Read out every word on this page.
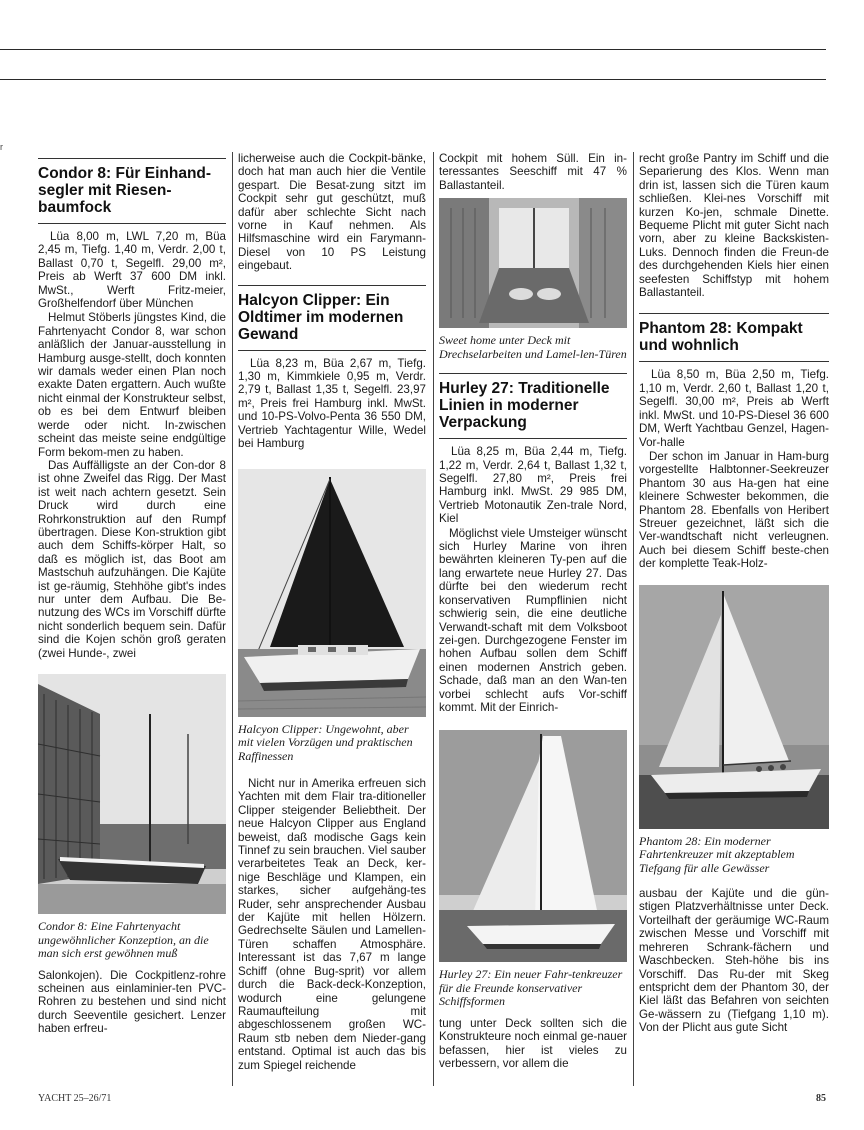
r
Condor 8: Für Einhand-segler mit Riesen-baumfock

Lüa 8,00 m, LWL 7,20 m, Büa 2,45 m, Tiefg. 1,40 m, Verdr. 2,00 t, Ballast 0,70 t, Segelfl. 29,00 m², Preis ab Werft 37 600 DM inkl. MwSt., Werft Fritz-meier, Großhelfendorf über München

Helmut Stöberls jüngstes Kind, die Fahrtenyacht Condor 8, war schon anläßlich der Januar-ausstellung in Hamburg ausge-stellt, doch konnten wir damals weder einen Plan noch exakte Daten ergattern. Auch wußte nicht einmal der Konstrukteur selbst, ob es bei dem Entwurf bleiben werde oder nicht. In-zwischen scheint das meiste seine endgültige Form bekom-men zu haben.

Das Auffälligste an der Con-dor 8 ist ohne Zweifel das Rigg. Der Mast ist weit nach achtern gesetzt. Sein Druck wird durch eine Rohrkonstruktion auf den Rumpf übertragen. Diese Kon-struktion gibt auch dem Schiffs-körper Halt, so daß es möglich ist, das Boot am Mastschuh aufzuhängen. Die Kajüte ist ge-räumig, Stehhöhe gibt's indes nur unter dem Aufbau. Die Be-nutzung des WCs im Vorschiff dürfte nicht sonderlich bequem sein. Dafür sind die Kojen schön groß geraten (zwei Hunde-, zwei

Condor 8: Eine Fahrtenyacht ungewöhnlicher Konzeption, an die man sich erst gewöhnen muß

Salonkojen). Die Cockpitlenz-rohre scheinen aus einlaminier-ten PVC-Rohren zu bestehen und sind nicht durch Seeventile gesichert. Lenzer haben erfreu-

licherweise auch die Cockpit-bänke, doch hat man auch hier die Ventile gespart. Die Besat-zung sitzt im Cockpit sehr gut geschützt, muß dafür aber schlechte Sicht nach vorne in Kauf nehmen. Als Hilfsmaschine wird ein Farymann-Diesel von 10 PS Leistung eingebaut.

Halcyon Clipper: Ein Oldtimer im modernen Gewand

Lüa 8,23 m, Büa 2,67 m, Tiefg. 1,30 m, Kimmkiele 0,95 m, Verdr. 2,79 t, Ballast 1,35 t, Segelfl. 23,97 m², Preis frei Hamburg inkl. MwSt. und 10-PS-Volvo-Penta 36 550 DM, Vertrieb Yachtagentur Wille, Wedel bei Hamburg

Halcyon Clipper: Ungewohnt, aber mit vielen Vorzügen und praktischen Raffinessen

Nicht nur in Amerika erfreuen sich Yachten mit dem Flair tra-ditioneller Clipper steigender Beliebtheit. Der neue Halcyon Clipper aus England beweist, daß modische Gags kein Tinnef zu sein brauchen. Viel sauber verarbeitetes Teak an Deck, ker-nige Beschläge und Klampen, ein starkes, sicher aufgehäng-tes Ruder, sehr ansprechender Ausbau der Kajüte mit hellen Hölzern. Gedrechselte Säulen und Lamellen-Türen schaffen Atmosphäre. Interessant ist das 7,67 m lange Schiff (ohne Bug-sprit) vor allem durch die Back-deck-Konzeption, wodurch eine gelungene Raumaufteilung mit abgeschlossenem großen WC-Raum stb neben dem Nieder-gang entstand. Optimal ist auch das bis zum Spiegel reichende

Cockpit mit hohem Süll. Ein in-teressantes Seeschiff mit 47 % Ballastanteil.

Sweet home unter Deck mit Drechselarbeiten und Lamel-len-Türen

Hurley 27: Traditionelle Linien in moderner Verpackung

Lüa 8,25 m, Büa 2,44 m, Tiefg. 1,22 m, Verdr. 2,64 t, Ballast 1,32 t, Segelfl. 27,80 m², Preis frei Hamburg inkl. MwSt. 29 985 DM, Vertrieb Motonautik Zen-trale Nord, Kiel

Möglichst viele Umsteiger wünscht sich Hurley Marine von ihren bewährten kleineren Ty-pen auf die lang erwartete neue Hurley 27. Das dürfte bei den wiederum recht konservativen Rumpflinien nicht schwierig sein, die eine deutliche Verwandt-schaft mit dem Volksboot zei-gen. Durchgezogene Fenster im hohen Aufbau sollen dem Schiff einen modernen Anstrich geben. Schade, daß man an den Wan-ten vorbei schlecht aufs Vor-schiff kommt. Mit der Einrich-

Hurley 27: Ein neuer Fahr-tenkreuzer für die Freunde konservativer Schiffsformen

tung unter Deck sollten sich die Konstrukteure noch einmal ge-nauer befassen, hier ist vieles zu verbessern, vor allem die

recht große Pantry im Schiff und die Separierung des Klos. Wenn man drin ist, lassen sich die Türen kaum schließen. Klei-nes Vorschiff mit kurzen Ko-jen, schmale Dinette. Bequeme Plicht mit guter Sicht nach vorn, aber zu kleine Backskisten-Luks. Dennoch finden die Freun-de des durchgehenden Kiels hier einen seefesten Schiffstyp mit hohem Ballastanteil.

Phantom 28: Kompakt und wohnlich

Lüa 8,50 m, Büa 2,50 m, Tiefg. 1,10 m, Verdr. 2,60 t, Ballast 1,20 t, Segelfl. 30,00 m², Preis ab Werft inkl. MwSt. und 10-PS-Diesel 36 600 DM, Werft Yachtbau Genzel, Hagen-Vor-halle

Der schon im Januar in Ham-burg vorgestellte Halbtonner-Seekreuzer Phantom 30 aus Ha-gen hat eine kleinere Schwester bekommen, die Phantom 28. Ebenfalls von Heribert Streuer gezeichnet, läßt sich die Ver-wandtschaft nicht verleugnen. Auch bei diesem Schiff beste-chen der komplette Teak-Holz-

Phantom 28: Ein moderner Fahrtenkreuzer mit akzeptablem Tiefgang für alle Gewässer

ausbau der Kajüte und die gün-stigen Platzverhältnisse unter Deck. Vorteilhaft der geräumige WC-Raum zwischen Messe und Vorschiff mit mehreren Schrank-fächern und Waschbecken. Steh-höhe bis ins Vorschiff. Das Ru-der mit Skeg entspricht dem der Phantom 30, der Kiel läßt das Befahren von seichten Ge-wässern zu (Tiefgang 1,10 m). Von der Plicht aus gute Sicht

YACHT 25–26/71	85
